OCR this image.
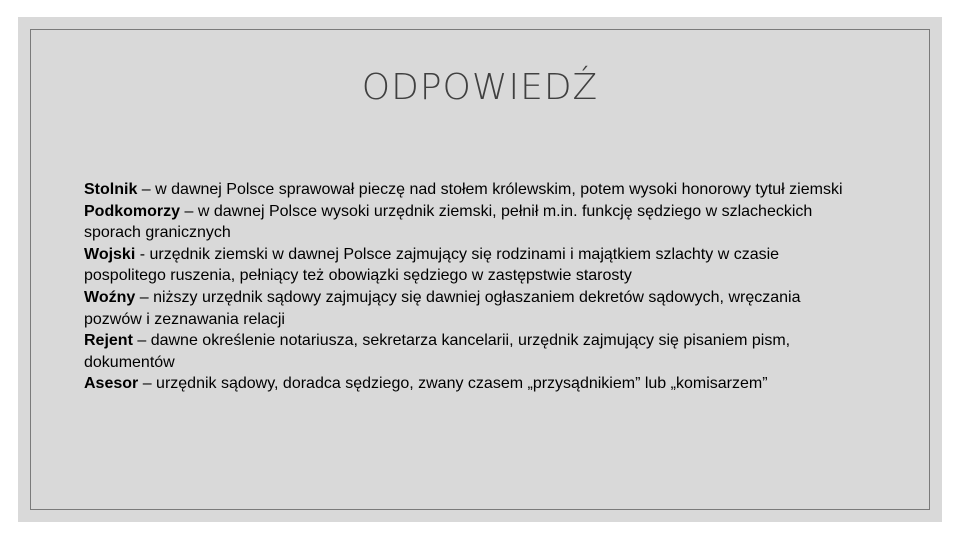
ODPOWIEDŹ

Stolnik – w dawnej Polsce sprawował pieczę nad stołem królewskim, potem wysoki honorowy tytuł ziemski

Podkomorzy – w dawnej Polsce wysoki urzędnik ziemski, pełnił m.in. funkcję sędziego w szlacheckich sporach granicznych

Wojski - urzędnik ziemski w dawnej Polsce zajmujący się rodzinami i majątkiem szlachty w czasie pospolitego ruszenia, pełniący też obowiązki sędziego w zastępstwie starosty

Woźny – niższy urzędnik sądowy zajmujący się dawniej ogłaszaniem dekretów sądowych, wręczania pozwów i zeznawania relacji

Rejent – dawne określenie notariusza, sekretarza kancelarii, urzędnik zajmujący się pisaniem pism, dokumentów

Asesor – urzędnik sądowy, doradca sędziego, zwany czasem „przysądnikiem” lub „komisarzem”
